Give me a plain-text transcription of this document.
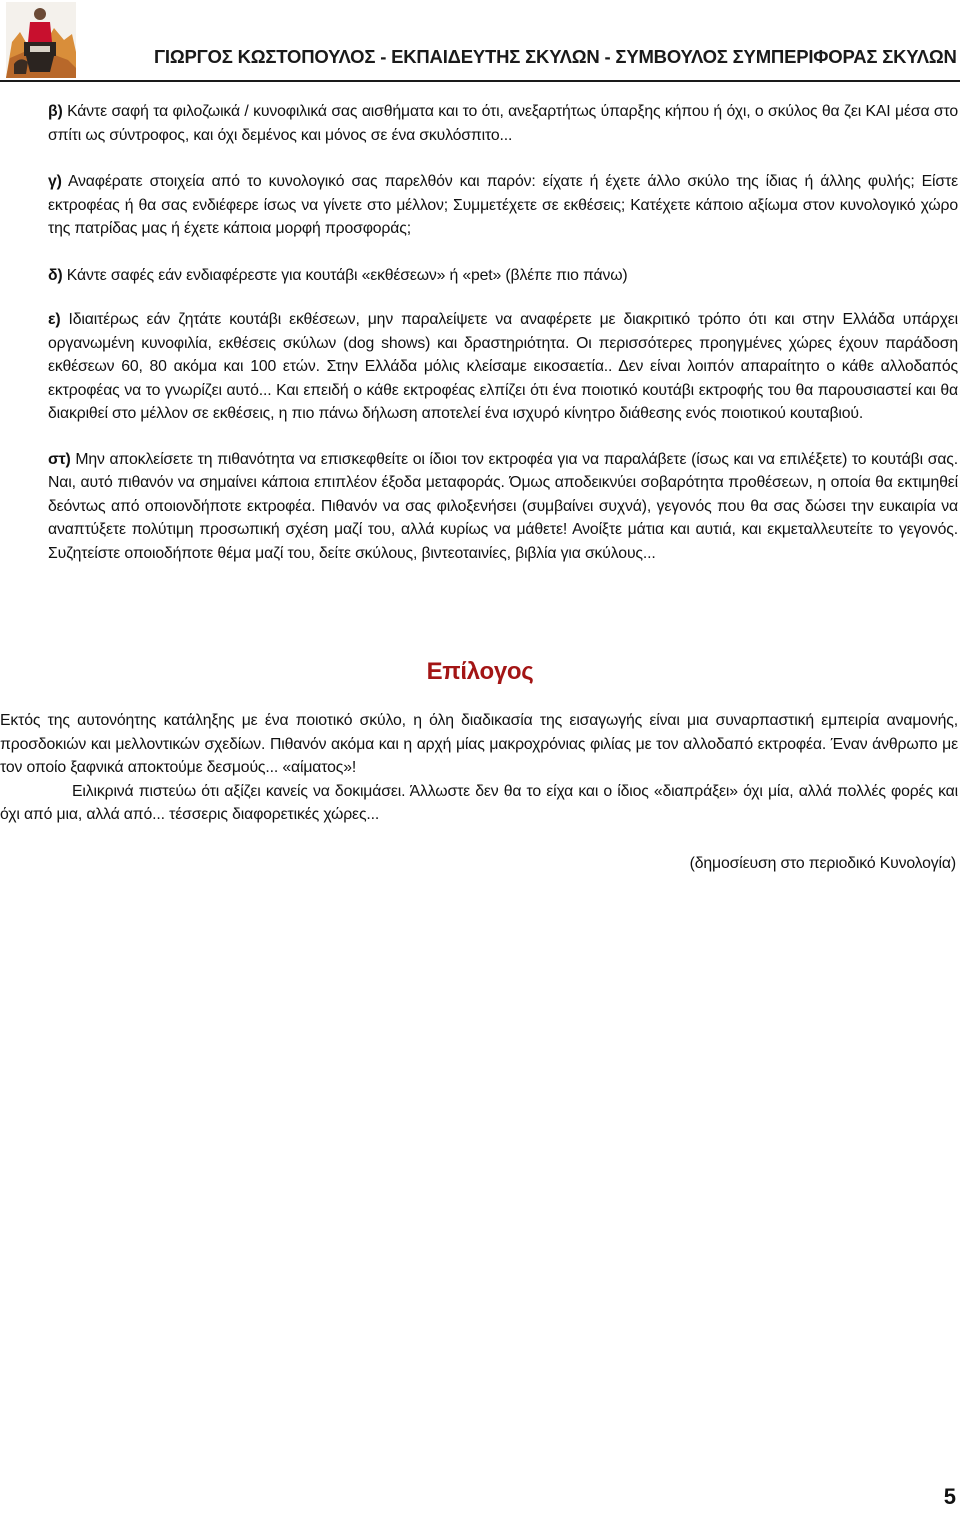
ΓΙΩΡΓΟΣ ΚΩΣΤΟΠΟΥΛΟΣ - ΕΚΠΑΙΔΕΥΤΗΣ ΣΚΥΛΩΝ - ΣΥΜΒΟΥΛΟΣ ΣΥΜΠΕΡΙΦΟΡΑΣ ΣΚΥΛΩΝ

β) Κάντε σαφή τα φιλοζωικά / κυνοφιλικά σας αισθήματα και το ότι, ανεξαρτήτως ύπαρξης κήπου ή όχι, ο σκύλος θα ζει ΚΑΙ μέσα στο σπίτι ως σύντροφος, και όχι δεμένος και μόνος σε ένα σκυλόσπιτο...

γ) Αναφέρατε στοιχεία από το κυνολογικό σας παρελθόν και παρόν: είχατε ή έχετε άλλο σκύλο της ίδιας ή άλλης φυλής; Είστε εκτροφέας ή θα σας ενδιέφερε ίσως να γίνετε στο μέλλον; Συμμετέχετε σε εκθέσεις; Κατέχετε κάποιο αξίωμα στον κυνολογικό χώρο της πατρίδας μας ή έχετε κάποια μορφή προσφοράς;

δ) Κάντε σαφές εάν ενδιαφέρεστε για κουτάβι «εκθέσεων» ή «pet» (βλέπε πιο πάνω)

ε) Ιδιαιτέρως εάν ζητάτε κουτάβι εκθέσεων, μην παραλείψετε να αναφέρετε με διακριτικό τρόπο ότι και στην Ελλάδα υπάρχει οργανωμένη κυνοφιλία, εκθέσεις σκύλων (dog shows) και δραστηριότητα. Οι περισσότερες προηγμένες χώρες έχουν παράδοση εκθέσεων 60, 80 ακόμα και 100 ετών. Στην Ελλάδα μόλις κλείσαμε εικοσαετία.. Δεν είναι λοιπόν απαραίτητο ο κάθε αλλοδαπός εκτροφέας να το γνωρίζει αυτό... Και επειδή ο κάθε εκτροφέας ελπίζει ότι ένα ποιοτικό κουτάβι εκτροφής του θα παρουσιαστεί και θα διακριθεί στο μέλλον σε εκθέσεις, η πιο πάνω δήλωση αποτελεί ένα ισχυρό κίνητρο διάθεσης ενός ποιοτικού κουταβιού.

στ) Μην αποκλείσετε τη πιθανότητα να επισκεφθείτε οι ίδιοι τον εκτροφέα για να παραλάβετε (ίσως και να επιλέξετε) το κουτάβι σας. Ναι, αυτό πιθανόν να σημαίνει κάποια επιπλέον έξοδα μεταφοράς. Όμως αποδεικνύει σοβαρότητα προθέσεων, η οποία θα εκτιμηθεί δεόντως από οποιονδήποτε εκτροφέα. Πιθανόν να σας φιλοξενήσει (συμβαίνει συχνά), γεγονός που θα σας δώσει την ευκαιρία να αναπτύξετε πολύτιμη προσωπική σχέση μαζί του, αλλά κυρίως να μάθετε! Ανοίξτε μάτια και αυτιά, και εκμεταλλευτείτε το γεγονός. Συζητείστε οποιοδήποτε θέμα μαζί του, δείτε σκύλους, βιντεοταινίες, βιβλία για σκύλους...

Επίλογος

Εκτός της αυτονόητης κατάληξης με ένα ποιοτικό σκύλο, η όλη διαδικασία της εισαγωγής είναι μια συναρπαστική εμπειρία αναμονής, προσδοκιών και μελλοντικών σχεδίων. Πιθανόν ακόμα και η αρχή μίας μακροχρόνιας φιλίας με τον αλλοδαπό εκτροφέα. Έναν άνθρωπο με τον οποίο ξαφνικά αποκτούμε δεσμούς... «αίματος»!

Ειλικρινά πιστεύω ότι αξίζει κανείς να δοκιμάσει. Άλλωστε δεν θα το είχα και ο ίδιος «διαπράξει» όχι μία, αλλά πολλές φορές και όχι από μια, αλλά από... τέσσερις διαφορετικές χώρες...

(δημοσίευση στο περιοδικό Κυνολογία)
5
